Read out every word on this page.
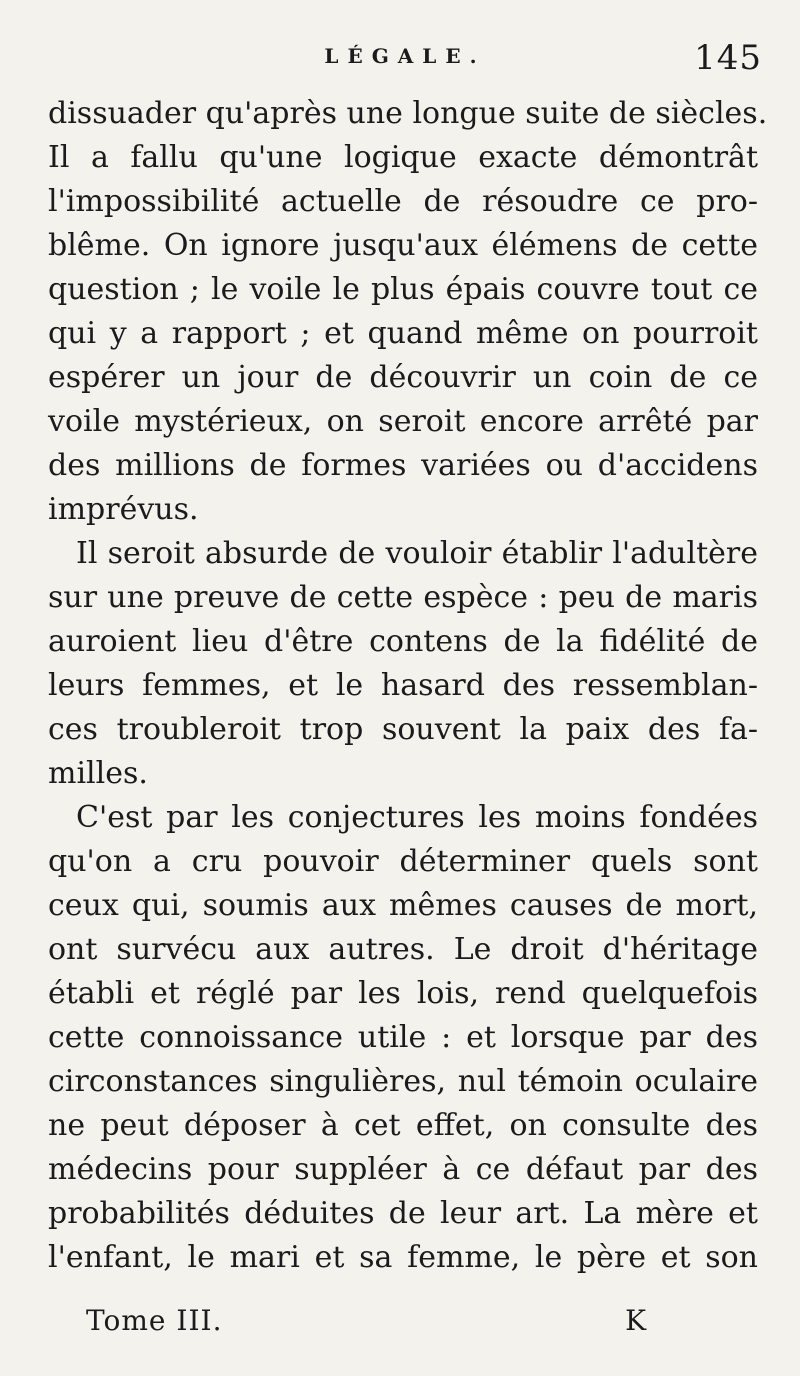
LÉGALE.	145
dissuader qu'après une longue suite de siècles.
Il a fallu qu'une logique exacte démontrât
l'impossibilité actuelle de résoudre ce pro-
blême. On ignore jusqu'aux élémens de cette
question ; le voile le plus épais couvre tout ce
qui y a rapport ; et quand même on pourroit
espérer un jour de découvrir un coin de ce
voile mystérieux, on seroit encore arrêté par
des millions de formes variées ou d'accidens
imprévus.
Il seroit absurde de vouloir établir l'adultère
sur une preuve de cette espèce : peu de maris
auroient lieu d'être contens de la fidélité de
leurs femmes, et le hasard des ressemblan-
ces troubleroit trop souvent la paix des fa-
milles.
C'est par les conjectures les moins fondées
qu'on a cru pouvoir déterminer quels sont
ceux qui, soumis aux mêmes causes de mort,
ont survécu aux autres. Le droit d'héritage
établi et réglé par les lois, rend quelquefois
cette connoissance utile : et lorsque par des
circonstances singulières, nul témoin oculaire
ne peut déposer à cet effet, on consulte des
médecins pour suppléer à ce défaut par des
probabilités déduites de leur art. La mère et
l'enfant, le mari et sa femme, le père et son
Tome III.	K
